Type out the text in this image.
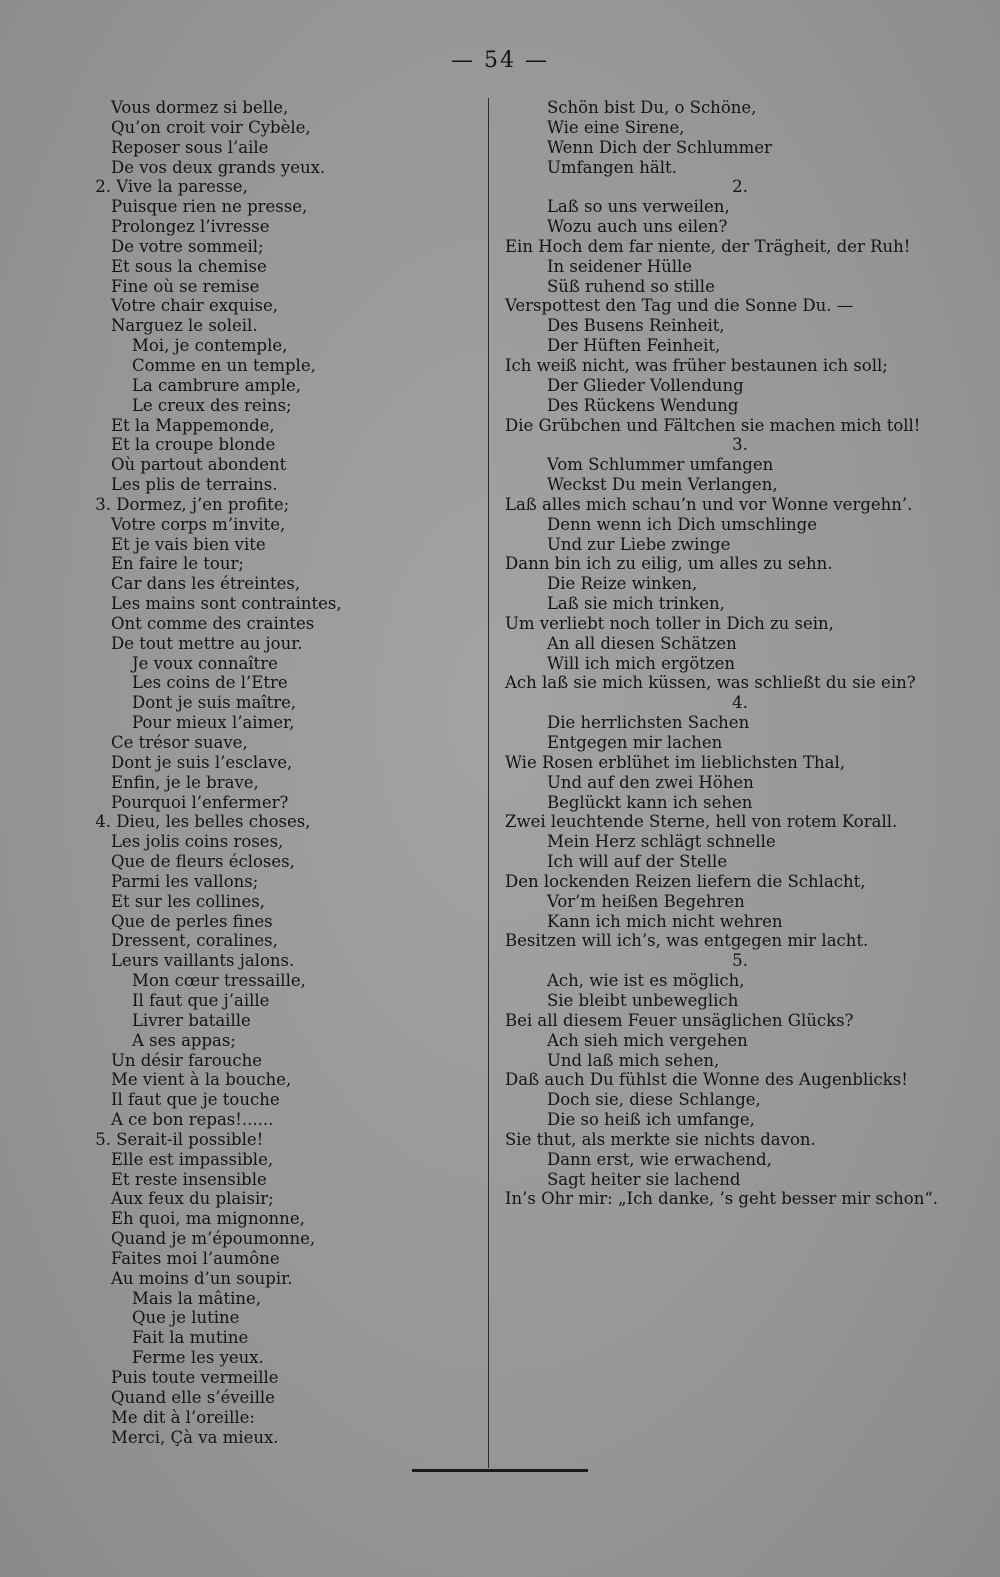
— 54 —
Vous dormez si belle,
Qu’on croit voir Cybèle,
Reposer sous l’aile
De vos deux grands yeux.
2. Vive la paresse,
Puisque rien ne presse,
Prolongez l’ivresse
De votre sommeil;
Et sous la chemise
Fine où se remise
Votre chair exquise,
Narguez le soleil.
Moi, je contemple,
Comme en un temple,
La cambrure ample,
Le creux des reins;
Et la Mappemonde,
Et la croupe blonde
Où partout abondent
Les plis de terrains.
3. Dormez, j’en profite;
Votre corps m’invite,
Et je vais bien vite
En faire le tour;
Car dans les étreintes,
Les mains sont contraintes,
Ont comme des craintes
De tout mettre au jour.
Je voux connaître
Les coins de l’Etre
Dont je suis maître,
Pour mieux l’aimer,
Ce trésor suave,
Dont je suis l’esclave,
Enfin, je le brave,
Pourquoi l’enfermer?
4. Dieu, les belles choses,
Les jolis coins roses,
Que de fleurs écloses,
Parmi les vallons;
Et sur les collines,
Que de perles fines
Dressent, coralines,
Leurs vaillants jalons.
Mon cœur tressaille,
Il faut que j’aille
Livrer bataille
A ses appas;
Un désir farouche
Me vient à la bouche,
Il faut que je touche
A ce bon repas!......
5. Serait-il possible!
Elle est impassible,
Et reste insensible
Aux feux du plaisir;
Eh quoi, ma mignonne,
Quand je m’époumonne,
Faites moi l’aumône
Au moins d’un soupir.
Mais la mâtine,
Que je lutine
Fait la mutine
Ferme les yeux.
Puis toute vermeille
Quand elle s’éveille
Me dit à l’oreille:
Merci, Çà va mieux.
Schön bist Du, o Schöne,
Wie eine Sirene,
Wenn Dich der Schlummer
Umfangen hält.
2.
Laß so uns verweilen,
Wozu auch uns eilen?
Ein Hoch dem far niente, der Trägheit, der Ruh!
In seidener Hülle
Süß ruhend so stille
Verspottest den Tag und die Sonne Du. —
Des Busens Reinheit,
Der Hüften Feinheit,
Ich weiß nicht, was früher bestaunen ich soll;
Der Glieder Vollendung
Des Rückens Wendung
Die Grübchen und Fältchen sie machen mich toll!
3.
Vom Schlummer umfangen
Weckst Du mein Verlangen,
Laß alles mich schau’n und vor Wonne vergehn’.
Denn wenn ich Dich umschlinge
Und zur Liebe zwinge
Dann bin ich zu eilig, um alles zu sehn.
Die Reize winken,
Laß sie mich trinken,
Um verliebt noch toller in Dich zu sein,
An all diesen Schätzen
Will ich mich ergötzen
Ach laß sie mich küssen, was schließt du sie ein?
4.
Die herrlichsten Sachen
Entgegen mir lachen
Wie Rosen erblühet im lieblichsten Thal,
Und auf den zwei Höhen
Beglückt kann ich sehen
Zwei leuchtende Sterne, hell von rotem Korall.
Mein Herz schlägt schnelle
Ich will auf der Stelle
Den lockenden Reizen liefern die Schlacht,
Vor’m heißen Begehren
Kann ich mich nicht wehren
Besitzen will ich’s, was entgegen mir lacht.
5.
Ach, wie ist es möglich,
Sie bleibt unbeweglich
Bei all diesem Feuer unsäglichen Glücks?
Ach sieh mich vergehen
Und laß mich sehen,
Daß auch Du fühlst die Wonne des Augenblicks!
Doch sie, diese Schlange,
Die so heiß ich umfange,
Sie thut, als merkte sie nichts davon.
Dann erst, wie erwachend,
Sagt heiter sie lachend
In’s Ohr mir: „Ich danke, ’s geht besser mir schon“.
